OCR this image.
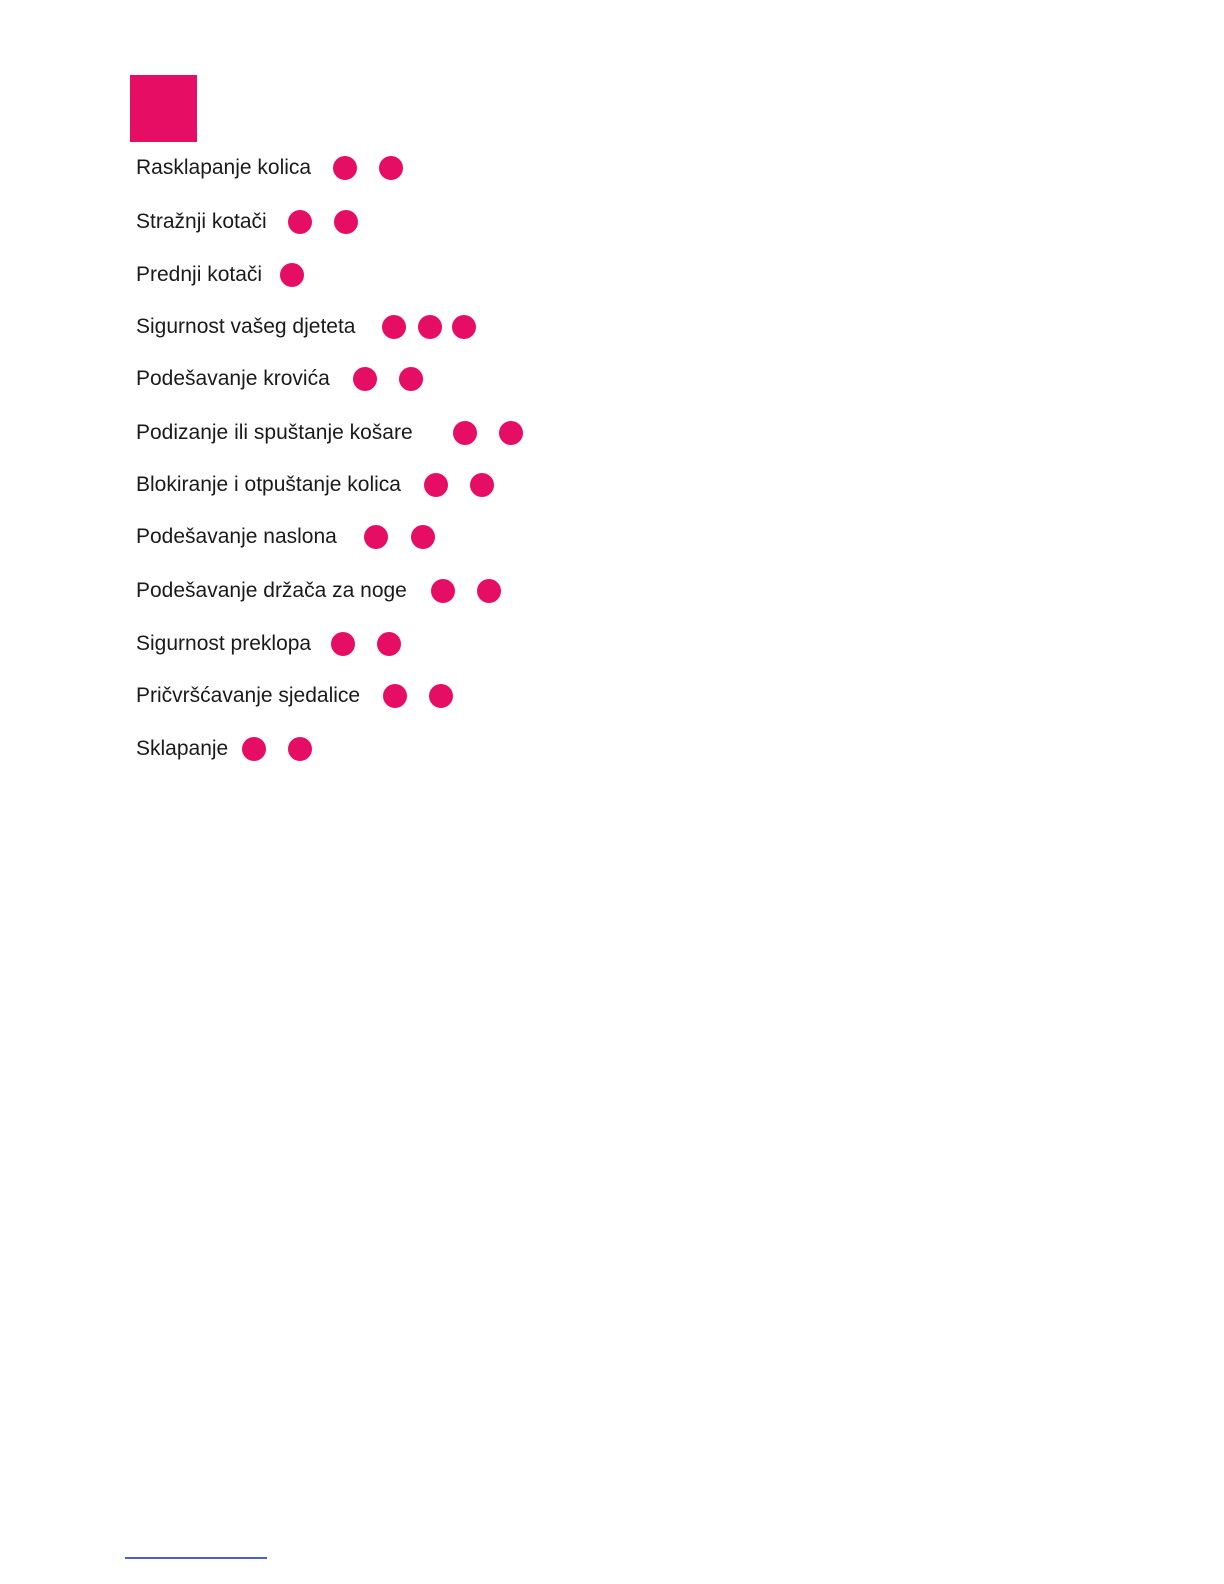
Rasklapanje kolica
Stražnji kotači
Prednji kotači
Sigurnost vašeg djeteta
Podešavanje krovića
Podizanje ili spuštanje košare
Blokiranje i otpuštanje kolica
Podešavanje naslona
Podešavanje držača za noge
Sigurnost preklopa
Pričvršćavanje sjedalice
Sklapanje
